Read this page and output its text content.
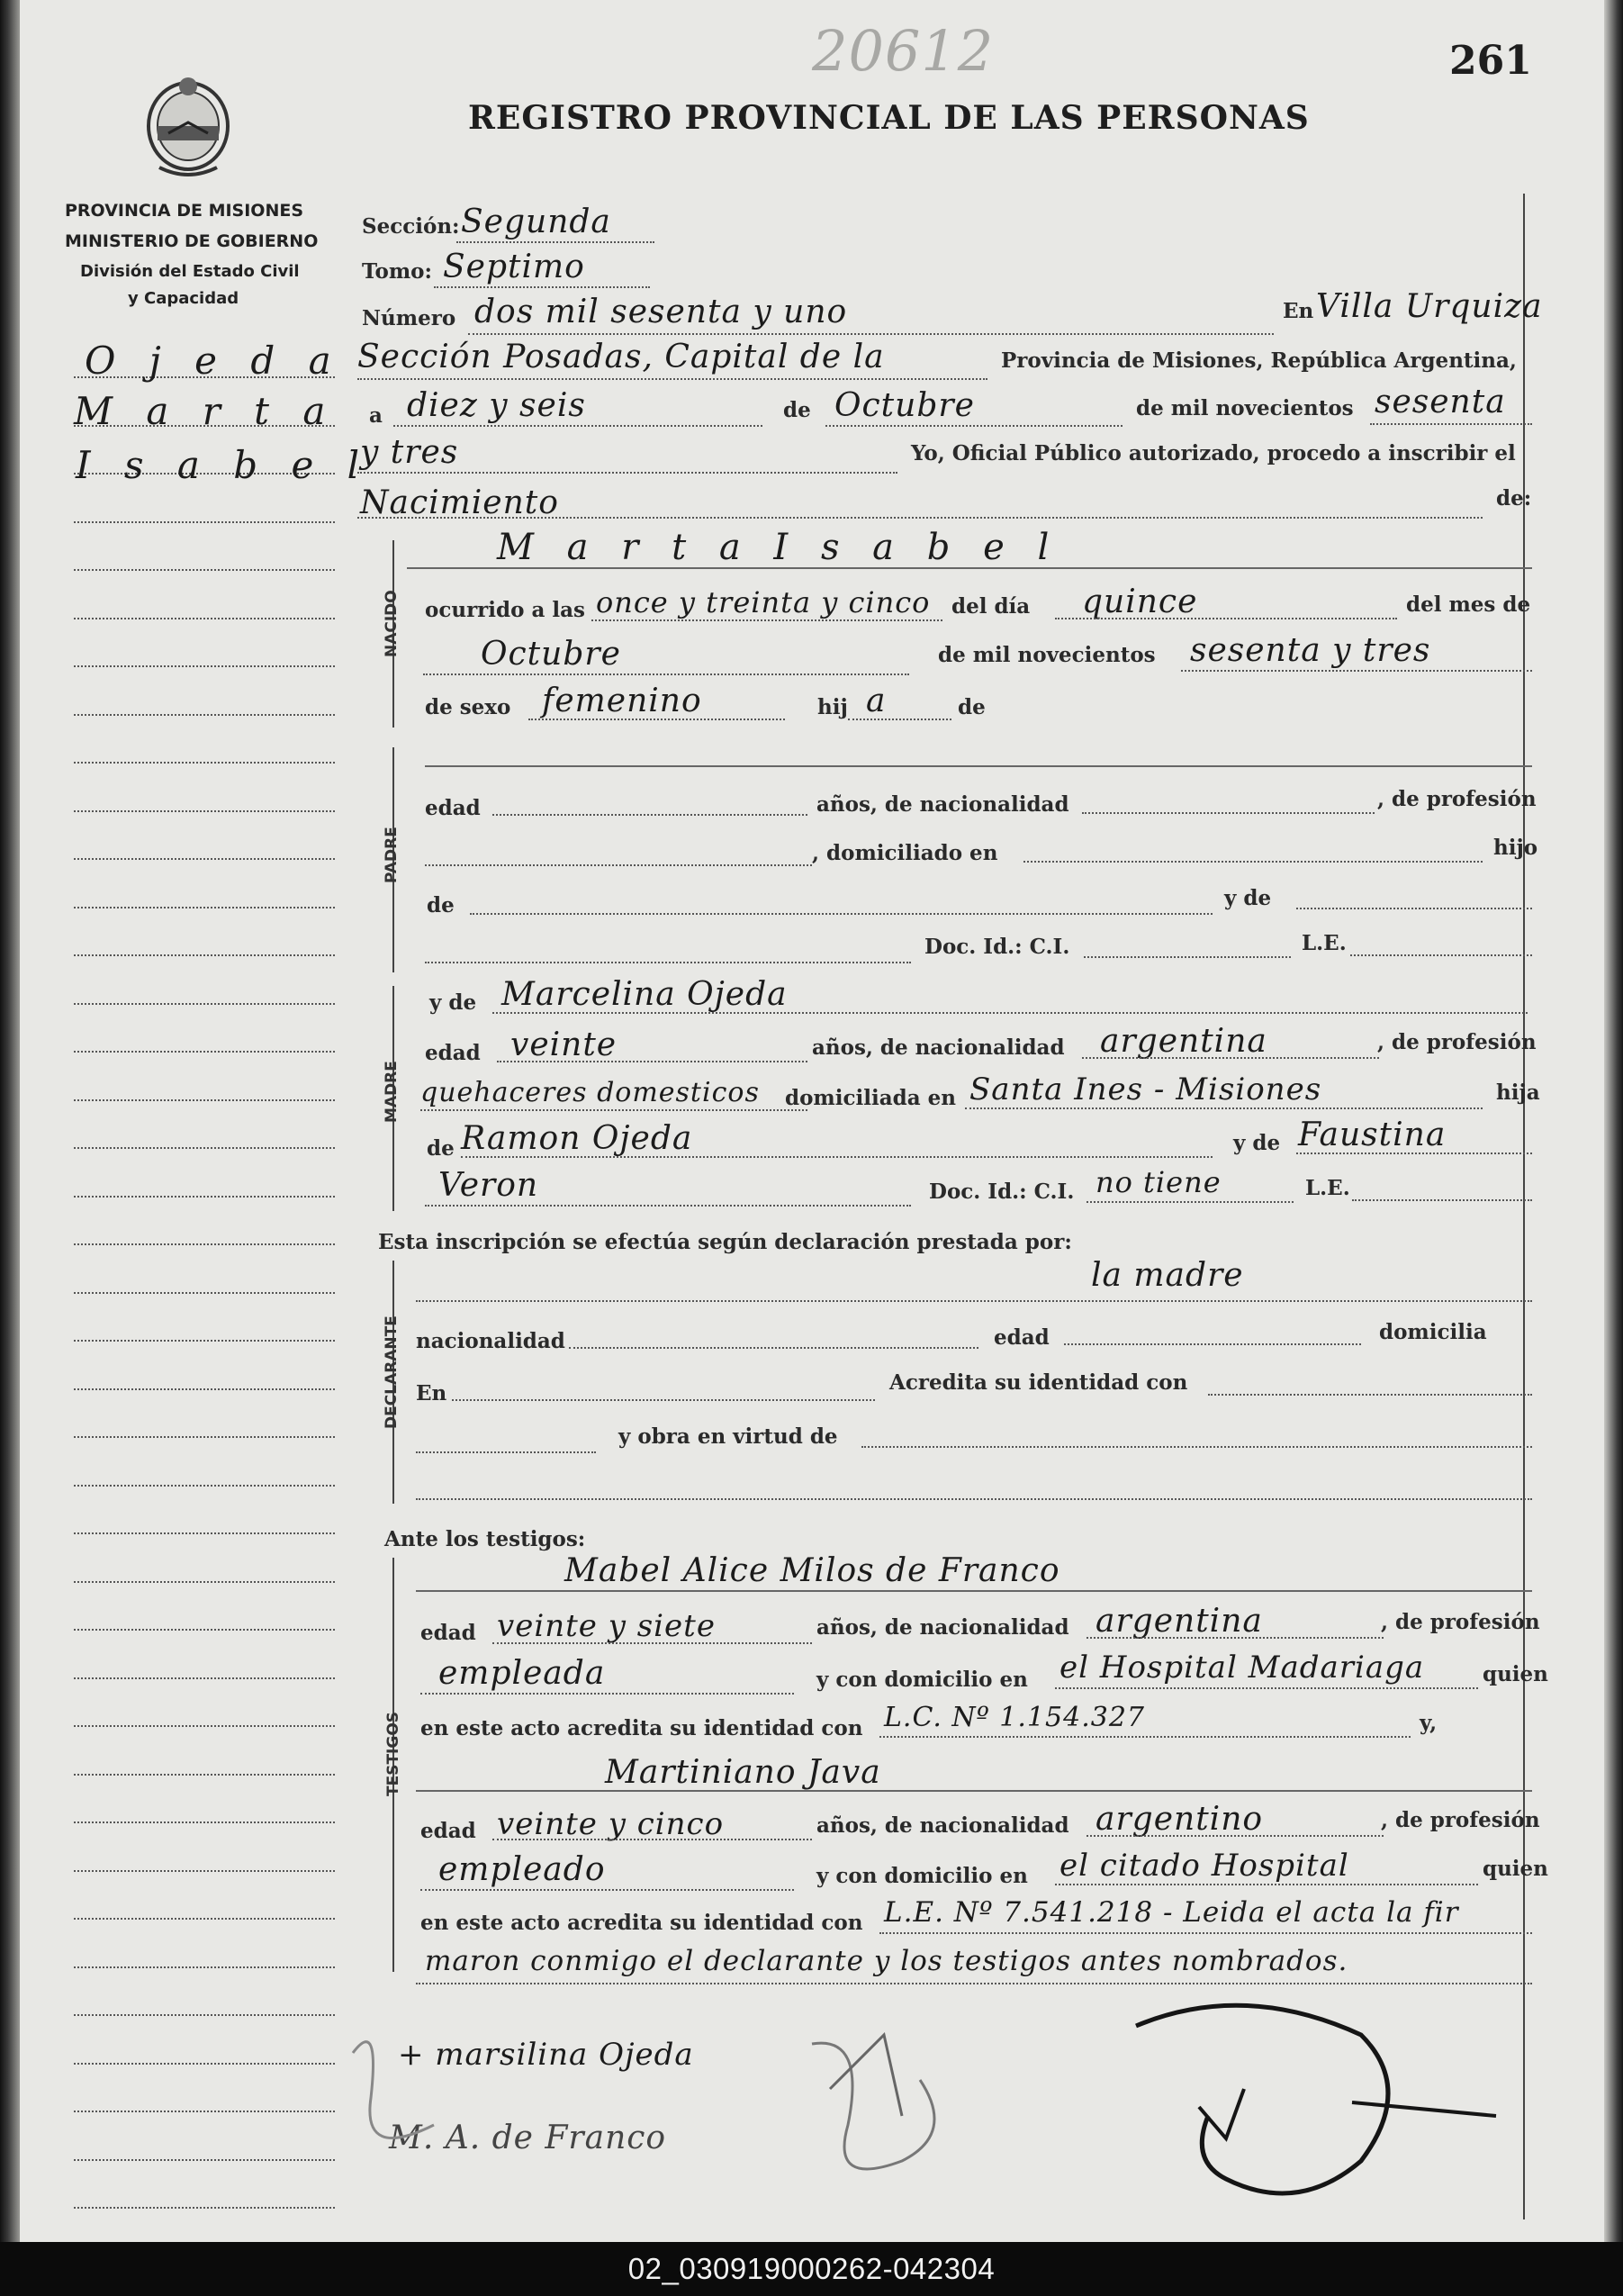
261
20612
REGISTRO PROVINCIAL DE LAS PERSONAS
PROVINCIA DE MISIONES
MINISTERIO DE GOBIERNO
División del Estado Civil
y Capacidad
O j e d a
M a r t a
I s a b e l
Sección: Segunda
Tomo: Septimo
Número dos mil sesenta y uno	En Villa Urquiza
Sección Posadas, Capital de la	Provincia de Misiones, República Argentina,
a diez y seis	de Octubre	de mil novecientos sesenta
y tres	Yo, Oficial Público autorizado, procedo a inscribir el
Nacimiento	de:
NACIDO
M a r t a I s a b e l
ocurrido a las once y treinta y cinco del día quince	del mes de
Octubre	de mil novecientos sesenta y tres
de sexo femenino	hij a	de
PADRE
edad	años, de nacionalidad	, de profesión
, domiciliado en	hijo
de	y de
Doc. Id.: C.I.	L.E.
MADRE
y de Marcelina Ojeda
edad veinte	años, de nacionalidad argentina	, de profesión
quehaceres domesticos domiciliada en Santa Ines - Misiones	hija
de Ramon Ojeda	y de Faustina
Veron	Doc. Id.: C.I. no tiene	L.E.
Esta inscripción se efectúa según declaración prestada por:
DECLARANTE
la madre
nacionalidad	edad	domicilia
En	Acredita su identidad con
y obra en virtud de
Ante los testigos:
TESTIGOS
Mabel Alice Milos de Franco
edad veinte y siete	años, de nacionalidad argentina	, de profesión
empleada	y con domicilio en el Hospital Madariaga	quien
en este acto acredita su identidad con L.C. Nº 1.154.327	y,
Martiniano Java
edad veinte y cinco	años, de nacionalidad argentino	, de profesión
empleado	y con domicilio en el citado Hospital	quien
en este acto acredita su identidad con L.E. Nº 7.541.218 - Leida el acta la fir
maron conmigo el declarante y los testigos antes nombrados.
+ marsilina Ojeda
M. A. de Franco
02_030919000262-042304
